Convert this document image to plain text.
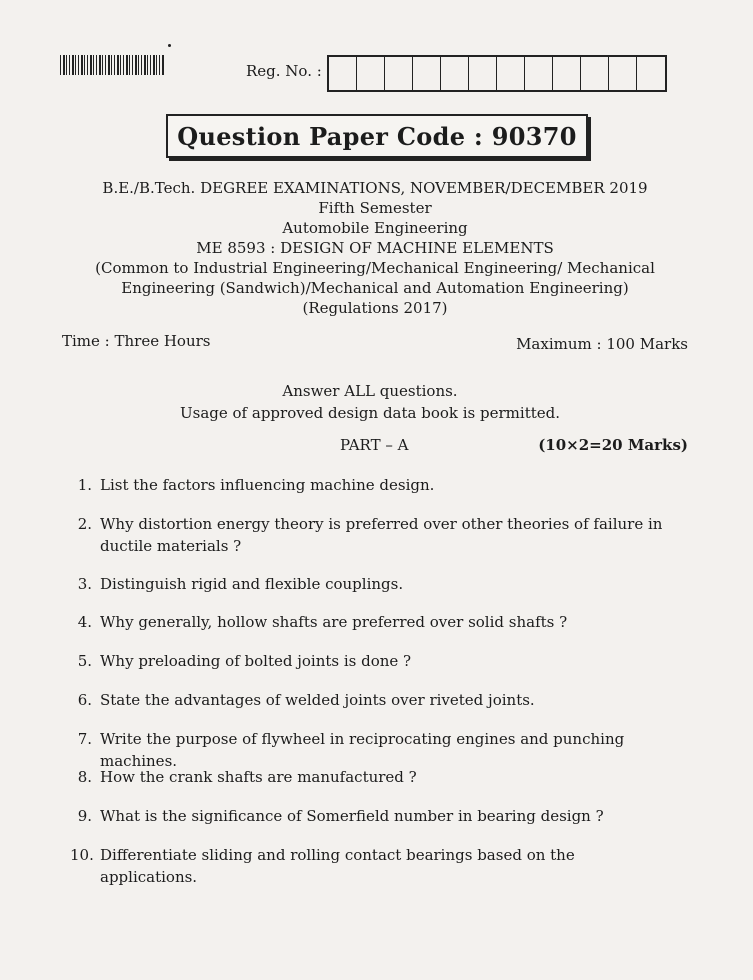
Reg. No. :
Question Paper Code : 90370
B.E./B.Tech. DEGREE EXAMINATIONS, NOVEMBER/DECEMBER 2019
Fifth Semester
Automobile Engineering
ME 8593 : DESIGN OF MACHINE ELEMENTS
(Common to Industrial Engineering/Mechanical Engineering/ Mechanical
Engineering (Sandwich)/Mechanical and Automation Engineering)
(Regulations 2017)
Time : Three Hours	Maximum : 100 Marks
Answer ALL questions.
Usage of approved design data book is permitted.
PART – A	(10×2=20 Marks)
1. List the factors influencing machine design.
2. Why distortion energy theory is preferred over other theories of failure in ductile materials ?
3. Distinguish rigid and flexible couplings.
4. Why generally, hollow shafts are preferred over solid shafts ?
5. Why preloading of bolted joints is done ?
6. State the advantages of welded joints over riveted joints.
7. Write the purpose of flywheel in reciprocating engines and punching machines.
8. How the crank shafts are manufactured ?
9. What is the significance of Somerfield number in bearing design ?
10. Differentiate sliding and rolling contact bearings based on the applications.
